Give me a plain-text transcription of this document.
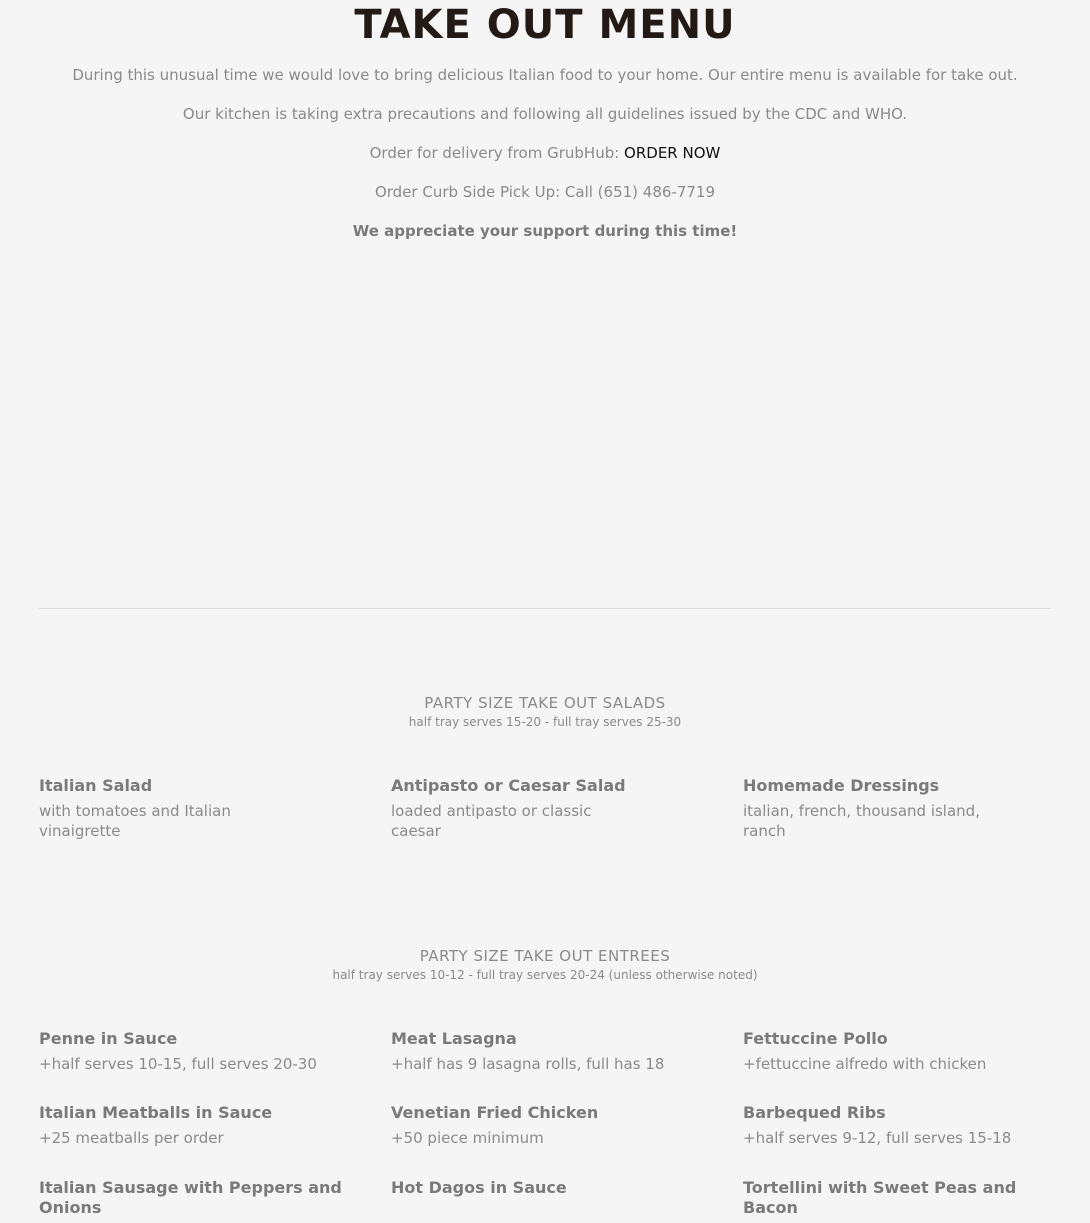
TAKE OUT MENU

During this unusual time we would love to bring delicious Italian food to your home. Our entire menu is available for take out.

Our kitchen is taking extra precautions and following all guidelines issued by the CDC and WHO.

Order for delivery from GrubHub: ORDER NOW

Order Curb Side Pick Up: Call (651) 486-7719

We appreciate your support during this time!

PARTY SIZE TAKE OUT SALADS
half tray serves 15-20 - full tray serves 25-30
Italian Salad
with tomatoes and Italian vinaigrette
Antipasto or Caesar Salad
loaded antipasto or classic caesar
Homemade Dressings
italian, french, thousand island, ranch
PARTY SIZE TAKE OUT ENTREES
half tray serves 10-12 - full tray serves 20-24 (unless otherwise noted)
Penne in Sauce
+half serves 10-15, full serves 20-30
Meat Lasagna
+half has 9 lasagna rolls, full has 18
Fettuccine Pollo
+fettuccine alfredo with chicken
Italian Meatballs in Sauce
+25 meatballs per order
Venetian Fried Chicken
+50 piece minimum
Barbequed Ribs
+half serves 9-12, full serves 15-18
Italian Sausage with Peppers and Onions
Hot Dagos in Sauce	Tortellini with Sweet Peas and Bacon
